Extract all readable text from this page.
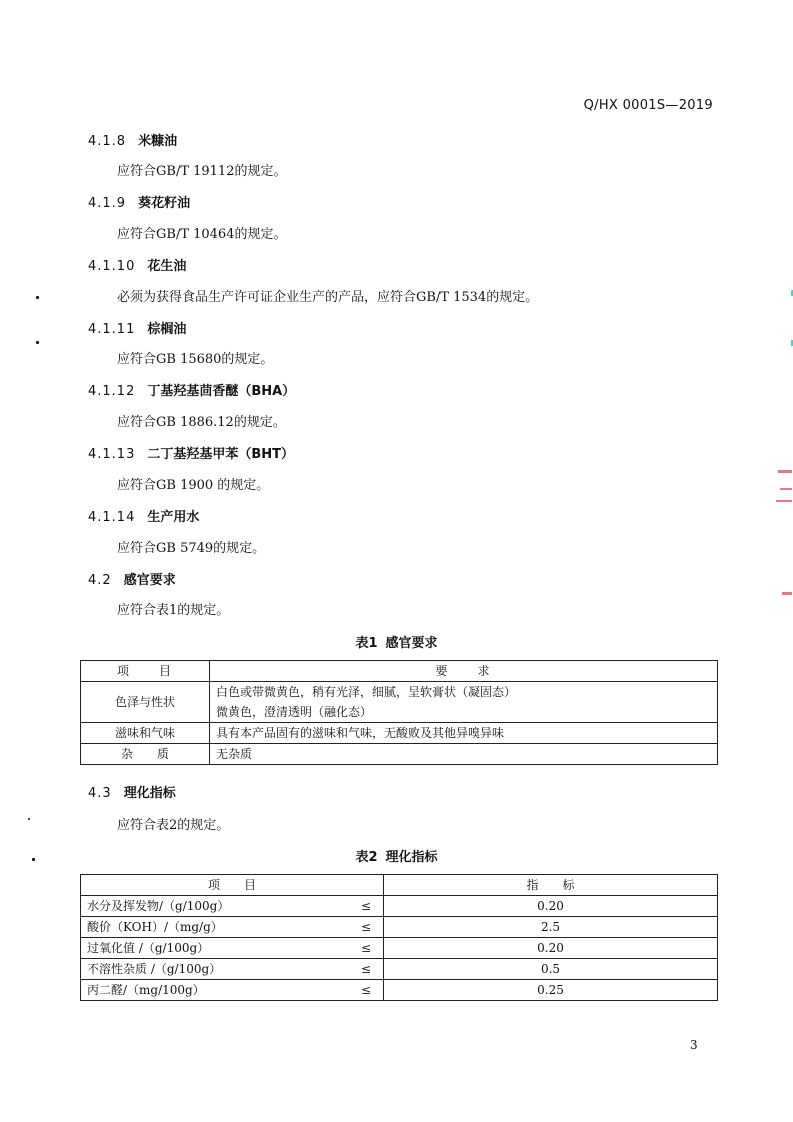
Q/HX 0001S—2019
4.1.8 米糠油
应符合GB/T 19112的规定。
4.1.9 葵花籽油
应符合GB/T 10464的规定。
4.1.10 花生油
必须为获得食品生产许可证企业生产的产品，应符合GB/T 1534的规定。
4.1.11 棕榈油
应符合GB 15680的规定。
4.1.12 丁基羟基茴香醚（BHA）
应符合GB 1886.12的规定。
4.1.13 二丁基羟基甲苯（BHT）
应符合GB 1900 的规定。
4.1.14 生产用水
应符合GB 5749的规定。
4.2 感官要求
应符合表1的规定。
表1 感官要求
项　　目	要　　求
色泽与性状	白色或带微黄色，稍有光泽，细腻，呈软膏状（凝固态）
微黄色，澄清透明（融化态）

滋味和气味	具有本产品固有的滋味和气味，无酸败及其他异嗅异味
杂　　质	无杂质
4.3 理化指标
应符合表2的规定。
表2 理化指标
项　　目	指　　标
水分及挥发物/（g/100g） ≤	0.20
酸价（KOH）/（mg/g） ≤	2.5
过氧化值 /（g/100g） ≤	0.20
不溶性杂质 /（g/100g） ≤	0.5
丙二醛/（mg/100g） ≤	0.25
3
